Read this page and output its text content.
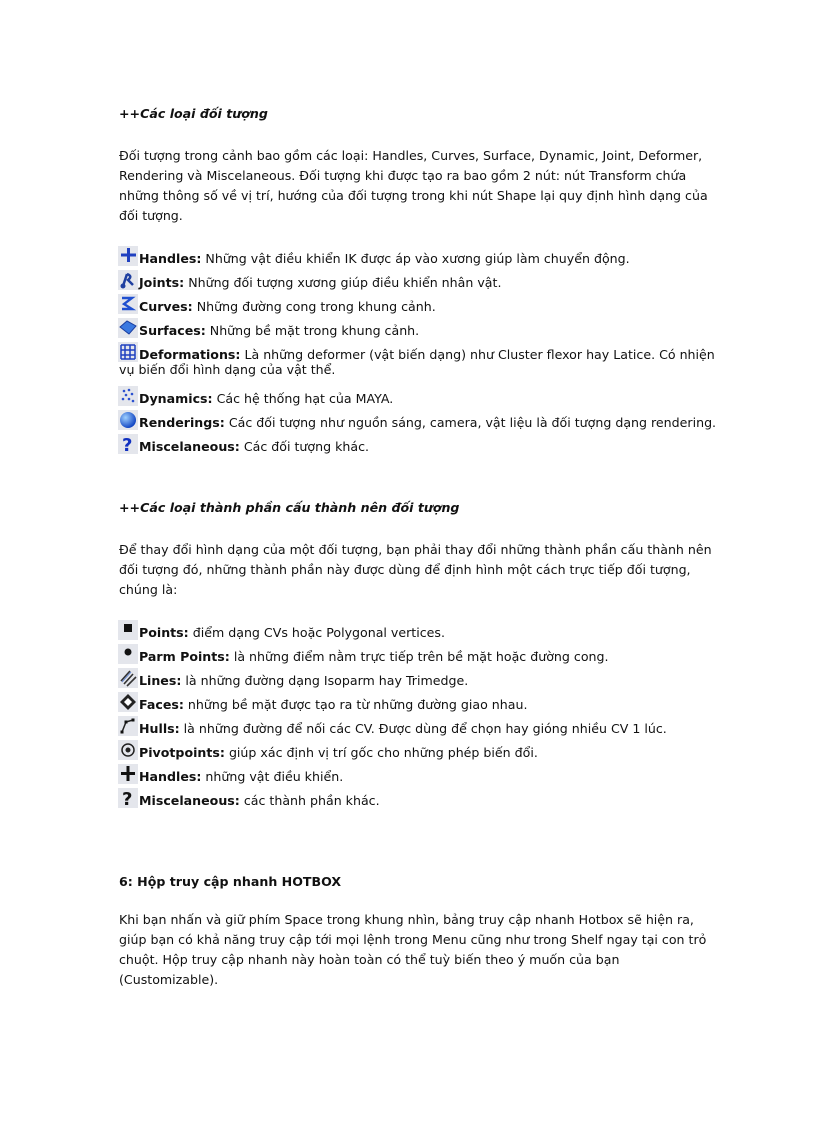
++Các loại đối tượng
Đối tượng trong cảnh bao gồm các loại: Handles, Curves, Surface, Dynamic, Joint, Deformer,
Rendering và Miscelaneous. Đối tượng khi được tạo ra bao gồm 2 nút: nút Transform chứa
những thông số về vị trí, hướng của đối tượng trong khi nút Shape lại quy định hình dạng của
đối tượng.
Handles: Những vật điều khiển IK được áp vào xương giúp làm chuyển động.
Joints: Những đối tượng xương giúp điều khiển nhân vật.
Curves: Những đường cong trong khung cảnh.
Surfaces: Những bề mặt trong khung cảnh.
Deformations: Là những deformer (vật biến dạng) như Cluster flexor hay Latice. Có nhiện
vụ biến đổi hình dạng của vật thể.
Dynamics: Các hệ thống hạt của MAYA.
Renderings: Các đối tượng như nguồn sáng, camera, vật liệu là đối tượng dạng rendering.
? Miscelaneous: Các đối tượng khác.
++Các loại thành phần cấu thành nên đối tượng
Để thay đổi hình dạng của một đối tượng, bạn phải thay đổi những thành phần cấu thành nên
đối tượng đó, những thành phần này được dùng để định hình một cách trực tiếp đối tượng,
chúng là:
Points: điểm dạng CVs hoặc Polygonal vertices.
Parm Points: là những điểm nằm trực tiếp trên bề mặt hoặc đường cong.
Lines: là những đường dạng Isoparm hay Trimedge.
Faces: những bề mặt được tạo ra từ những đường giao nhau.
Hulls: là những đường để nối các CV. Được dùng để chọn hay gióng nhiều CV 1 lúc.
Pivotpoints: giúp xác định vị trí gốc cho những phép biến đổi.
Handles: những vật điều khiển.
? Miscelaneous: các thành phần khác.
6: Hộp truy cập nhanh HOTBOX
Khi bạn nhấn và giữ phím Space trong khung nhìn, bảng truy cập nhanh Hotbox sẽ hiện ra,
giúp bạn có khả năng truy cập tới mọi lệnh trong Menu cũng như trong Shelf ngay tại con trỏ
chuột. Hộp truy cập nhanh này hoàn toàn có thể tuỳ biến theo ý muốn của bạn
(Customizable).
